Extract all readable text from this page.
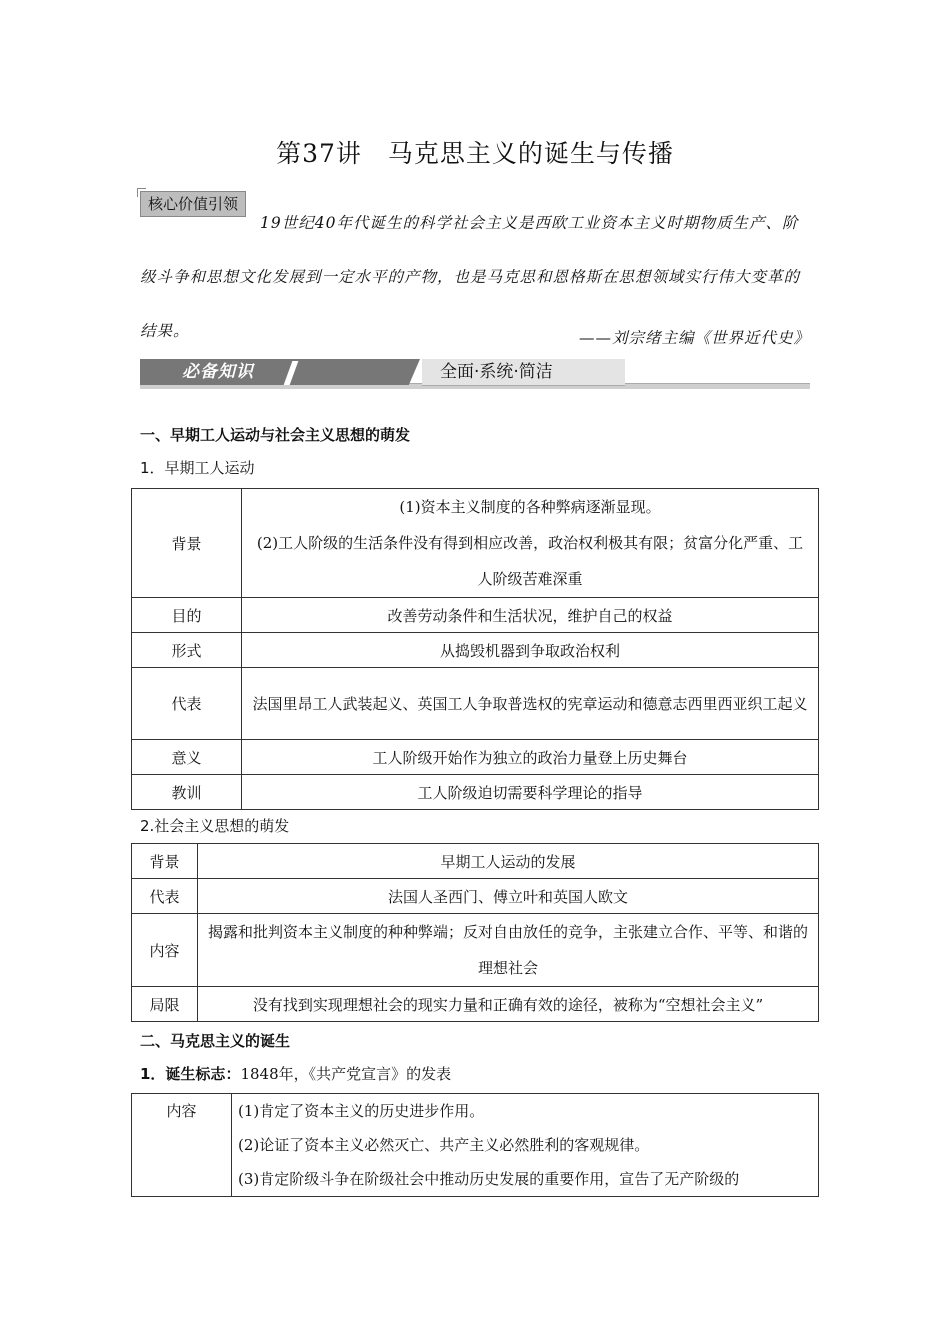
第37讲　马克思主义的诞生与传播
核心价值引领
19世纪40年代诞生的科学社会主义是西欧工业资本主义时期物质生产、阶级斗争和思想文化发展到一定水平的产物，也是马克思和恩格斯在思想领域实行伟大变革的结果。	——刘宗绪主编《世界近代史》
必备知识	全面·系统·简洁
一、早期工人运动与社会主义思想的萌发
1．早期工人运动
背景	(1)资本主义制度的各种弊病逐渐显现。
(2)工人阶级的生活条件没有得到相应改善，政治权利极其有限；贫富分化严重、工人阶级苦难深重

目的	改善劳动条件和生活状况，维护自己的权益
形式	从捣毁机器到争取政治权利
代表	法国里昂工人武装起义、英国工人争取普选权的宪章运动和德意志西里西亚织工起义
意义	工人阶级开始作为独立的政治力量登上历史舞台
教训	工人阶级迫切需要科学理论的指导
2.社会主义思想的萌发
背景	早期工人运动的发展
代表	法国人圣西门、傅立叶和英国人欧文
内容	揭露和批判资本主义制度的种种弊端；反对自由放任的竞争，主张建立合作、平等、和谐的理想社会
局限	没有找到实现理想社会的现实力量和正确有效的途径，被称为“空想社会主义”
二、马克思主义的诞生
1．诞生标志：1848年，《共产党宣言》的发表
内容	(1)肯定了资本主义的历史进步作用。
(2)论证了资本主义必然灭亡、共产主义必然胜利的客观规律。
(3)肯定阶级斗争在阶级社会中推动历史发展的重要作用，宣告了无产阶级的
